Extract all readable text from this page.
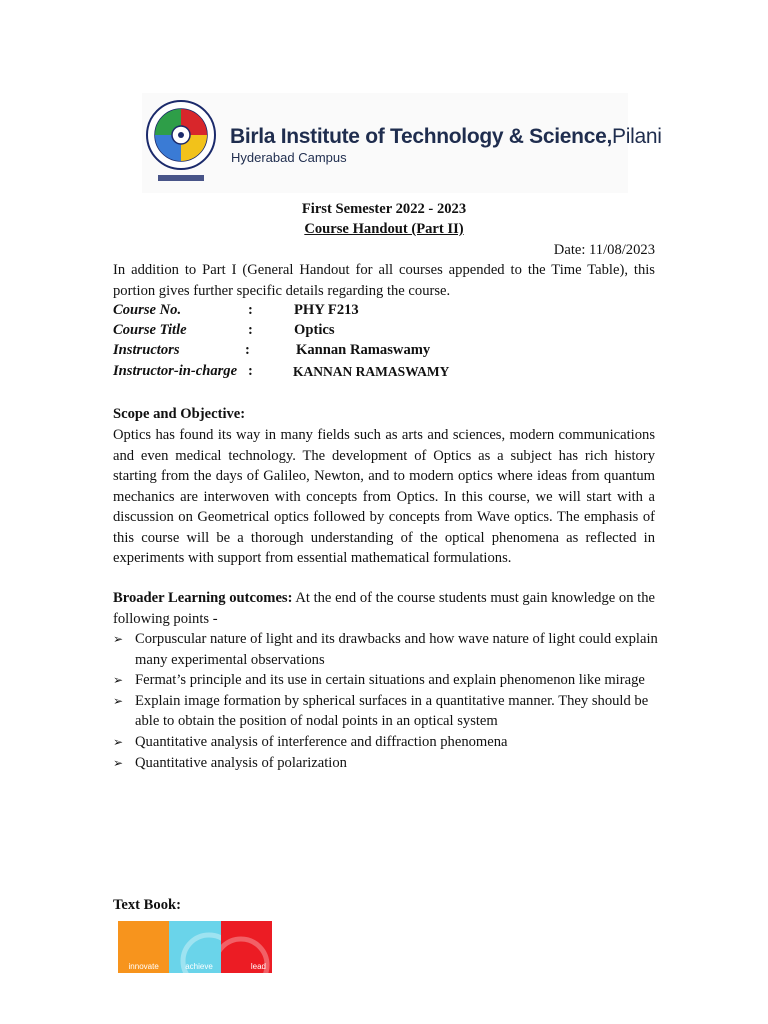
Birla Institute of Technology & Science,Pilani
Hyderabad Campus
First Semester 2022 - 2023
Course Handout (Part II)
Date: 11/08/2023
In addition to Part I (General Handout for all courses appended to the Time Table), this portion gives further specific details regarding the course.
Course No.	:	PHY F213
Course Title	:	Optics
Instructors	:	Kannan Ramaswamy
Instructor-in-charge :	KANNAN RAMASWAMY
Scope and Objective:
Optics has found its way in many fields such as arts and sciences, modern communications and even medical technology. The development of Optics as a subject has rich history starting from the days of Galileo, Newton, and to modern optics where ideas from quantum mechanics are interwoven with concepts from Optics. In this course, we will start with a discussion on Geometrical optics followed by concepts from Wave optics. The emphasis of this course will be a thorough understanding of the optical phenomena as reflected in experiments with support from essential mathematical formulations.
Broader Learning outcomes: At the end of the course students must gain knowledge on the following points -
➢ Corpuscular nature of light and its drawbacks and how wave nature of light could explain many experimental observations
➢ Fermat’s principle and its use in certain situations and explain phenomenon like mirage
➢ Explain image formation by spherical surfaces in a quantitative manner. They should be able to obtain the position of nodal points in an optical system
➢ Quantitative analysis of interference and diffraction phenomena
➢ Quantitative analysis of polarization
Text Book:
innovate	achieve	lead
